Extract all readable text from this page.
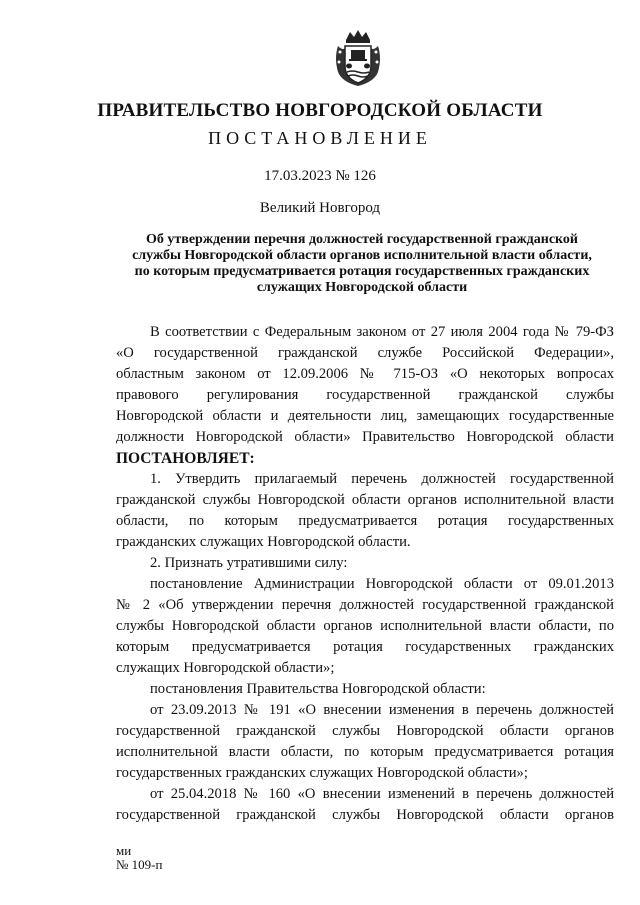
ПРАВИТЕЛЬСТВО НОВГОРОДСКОЙ ОБЛАСТИ
ПОСТАНОВЛЕНИЕ
17.03.2023 № 126
Великий Новгород
Об утверждении перечня должностей государственной гражданской
службы Новгородской области органов исполнительной власти области,
по которым предусматривается ротация государственных гражданских
служащих Новгородской области
В соответствии с Федеральным законом от 27 июля 2004 года № 79-ФЗ
«О государственной гражданской службе Российской Федерации»,
областным законом от 12.09.2006 № 715-ОЗ «О некоторых вопросах
правового регулирования государственной гражданской службы
Новгородской области и деятельности лиц, замещающих государственные
должности Новгородской области» Правительство Новгородской области
ПОСТАНОВЛЯЕТ:
1. Утвердить прилагаемый перечень должностей государственной
гражданской службы Новгородской области органов исполнительной власти
области, по которым предусматривается ротация государственных
гражданских служащих Новгородской области.
2. Признать утратившими силу:
постановление Администрации Новгородской области от 09.01.2013
№ 2 «Об утверждении перечня должностей государственной гражданской
службы Новгородской области органов исполнительной власти области, по
которым предусматривается ротация государственных гражданских
служащих Новгородской области»;
постановления Правительства Новгородской области:
от 23.09.2013 № 191 «О внесении изменения в перечень должностей
государственной гражданской службы Новгородской области органов
исполнительной власти области, по которым предусматривается ротация
государственных гражданских служащих Новгородской области»;
от 25.04.2018 № 160 «О внесении изменений в перечень должностей
государственной гражданской службы Новгородской области органов
ми
№ 109-п
